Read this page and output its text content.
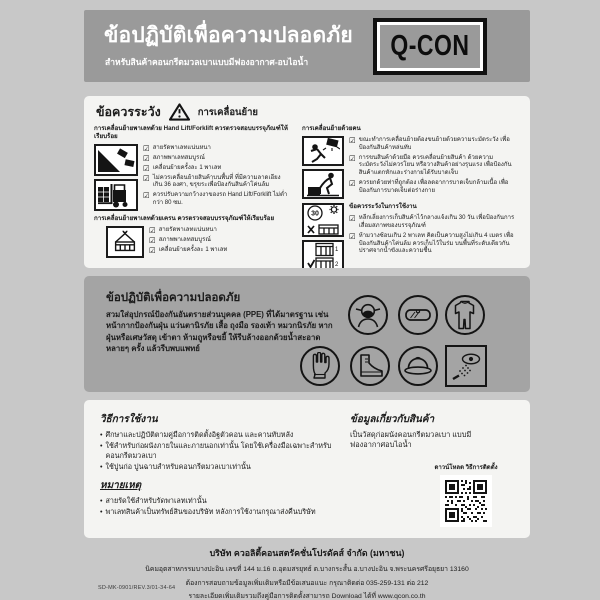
ข้อปฏิบัติเพื่อความปลอดภัย
สำหรับสินค้าคอนกรีตมวลเบาแบบมีฟองอากาศ-อบไอน้ำ	Q-CON
ข้อควรระวัง	การเคลื่อนย้าย
การเคลื่อนย้ายพาเลทด้วย Hand Lift/Forklift ควรตรวจสอบบรรจุภัณฑ์ให้เรียบร้อย
☑ สายรัดพาเลทแน่นหนา
☑ สภาพพาเลทสมบูรณ์
☑ เคลื่อนย้ายครั้งละ 1 พาเลท
☑ ไม่ควรเคลื่อนย้ายสินค้าบนพื้นที่ ที่มีความลาดเอียงเกิน 36 องศา, ขรุขระเพื่อป้องกันสินค้าโค่นล้ม
☑ ควรปรับความกว้างงาของรถ Hand Lift/Forklift ไม่ต่ำกว่า 80 ซม.
การเคลื่อนย้ายพาเลทด้วยเครน ควรตรวจสอบบรรจุภัณฑ์ให้เรียบร้อย
☑ สายรัดพาเลทแน่นหนา
☑ สภาพพาเลทสมบูรณ์
☑ เคลื่อนย้ายครั้งละ 1 พาเลท
การเคลื่อนย้ายด้วยคน
☑ ขณะทำการเคลื่อนย้ายต้องขนย้ายด้วยความระมัดระวัง เพื่อป้องกันสินค้าหล่นทับ
☑ การขนสินค้าด้วยมือ ควรเคลื่อนย้ายสินค้า ด้วยความระมัดระวังไม่ควรโยน หรือวางสินค้าอย่างรุนแรง เพื่อป้องกันสินค้าแตกหักและร่างกายได้รับบาดเจ็บ
☑ ควรยกด้วยท่าที่ถูกต้อง เพื่อลดอาการบาดเจ็บกล้ามเนื้อ เพื่อป้องกันการบาดเจ็บต่อร่างกาย
30
1
2
ข้อควรระวังในการใช้งาน
☑ หลีกเลี่ยงการเก็บสินค้าไว้กลางแจ้งเกิน 30 วัน เพื่อป้องกันการเสื่อมสภาพของบรรจุภัณฑ์
☑ ห้ามวางซ้อนเกิน 2 พาเลท คิดเป็นความสูงไม่เกิน 4 เมตร เพื่อป้องกันสินค้าโค่นล้ม ควรเก็บไว้ในร่ม บนพื้นที่ระดับเดียวกัน ปราศจากน้ำขังและความชื้น
ข้อปฏิบัติเพื่อความปลอดภัย
สวมใส่อุปกรณ์ป้องกันอันตรายส่วนบุคคล (PPE) ที่ได้มาตรฐาน เช่น หน้ากากป้องกันฝุ่น แว่นตานิรภัย เสื้อ ถุงมือ รองเท้า หมวกนิรภัย หากฝุ่นหรือเศษวัสดุ เข้าตา ห้ามถูหรือขยี้ ให้รีบล้างออกด้วยน้ำสะอาด หลายๆ ครั้ง แล้วรีบพบแพทย์
วิธีการใช้งาน
• ศึกษาและปฏิบัติตามคู่มือการติดตั้งอิฐตัวคอน และคานทับหลัง
• ใช้สำหรับก่อผนังภายในและภายนอกเท่านั้น โดยใช้เครื่องมือเฉพาะสำหรับคอนกรีตมวลเบา
• ใช้ปูนก่อ ปูนฉาบสำหรับคอนกรีตมวลเบาเท่านั้น
หมายเหตุ
• สายรัดใช้สำหรับรัดพาเลทเท่านั้น
• พาเลทสินค้าเป็นทรัพย์สินของบริษัท หลังการใช้งานกรุณาส่งคืนบริษัท
ข้อมูลเกี่ยวกับสินค้า
เป็นวัสดุก่อผนังคอนกรีตมวลเบา แบบมีฟองอากาศอบไอน้ำ
ดาวน์โหลด วิธีการติดตั้ง
บริษัท ควอลิตี้คอนสตรัคชั่นโปรดัคส์ จำกัด (มหาชน)
นิคมอุตสาหกรรมบางปะอิน เลขที่ 144 ม.16 ถ.อุดมสรยุทธ์ ต.บางกระสั้น อ.บางปะอิน จ.พระนครศรีอยุธยา 13160
ต้องการสอบถามข้อมูลเพิ่มเติมหรือมีข้อเสนอแนะ กรุณาติดต่อ 035-259-131 ต่อ 212
รายละเอียดเพิ่มเติมรวมถึงคู่มือการติดตั้งสามารถ Download ได้ที่ www.qcon.co.th
SD-MK-0901/REV.3/01-34-64
